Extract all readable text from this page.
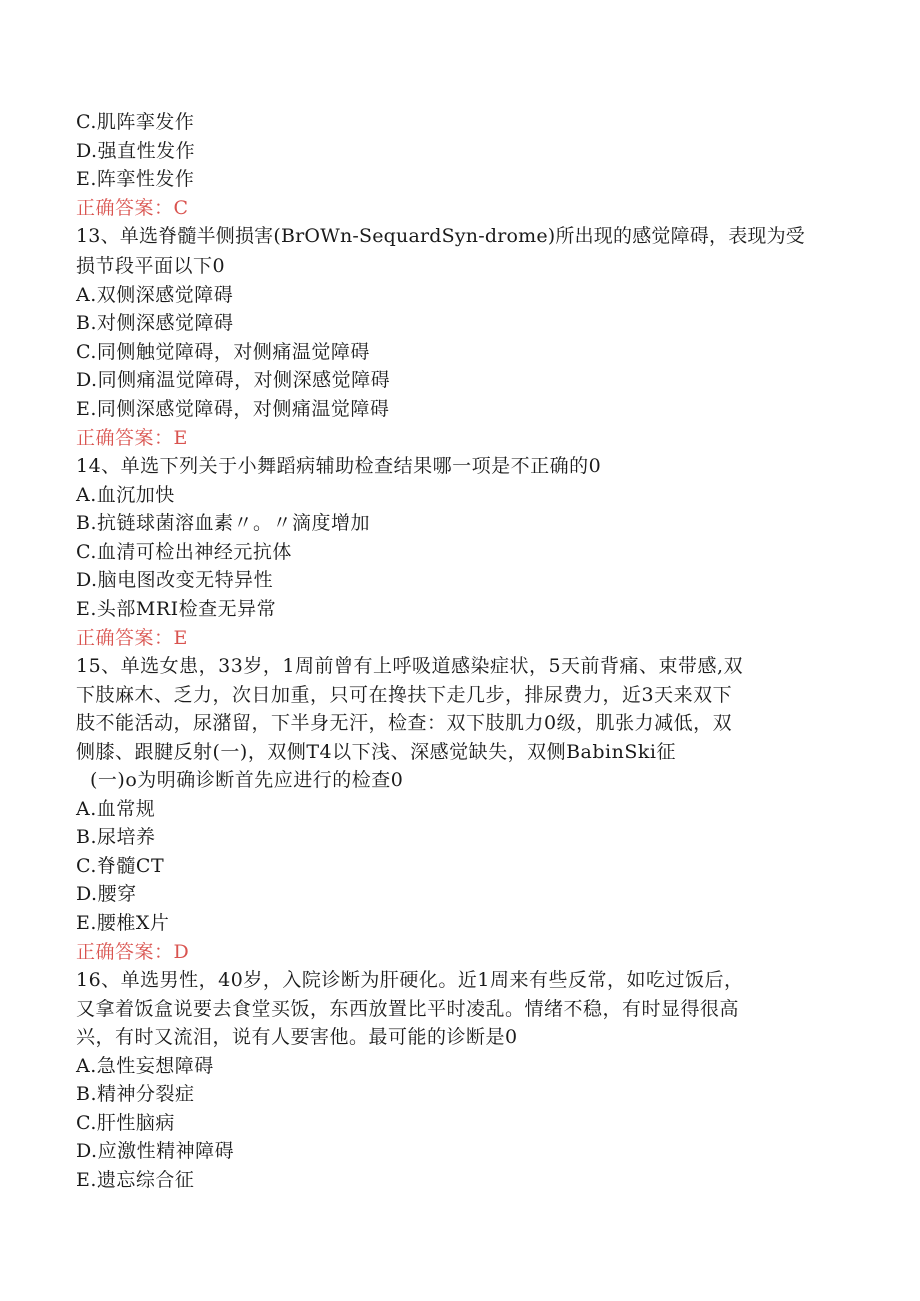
C.肌阵挛发作
D.强直性发作
E.阵挛性发作
正确答案：C
13、单选脊髓半侧损害(BrOWn-SequardSyn-drome)所出现的感觉障碍，表现为受
损节段平面以下0
A.双侧深感觉障碍
B.对侧深感觉障碍
C.同侧触觉障碍，对侧痛温觉障碍
D.同侧痛温觉障碍，对侧深感觉障碍
E.同侧深感觉障碍，对侧痛温觉障碍
正确答案：E
14、单选下列关于小舞蹈病辅助检查结果哪一项是不正确的0
A.血沉加快
B.抗链球菌溶血素〃。〃滴度增加
C.血清可检出神经元抗体
D.脑电图改变无特异性
E.头部MRI检查无异常
正确答案：E
15、单选女患，33岁，1周前曾有上呼吸道感染症状，5天前背痛、束带感,双
下肢麻木、乏力，次日加重，只可在搀扶下走几步，排尿费力，近3天来双下
肢不能活动，尿潴留，下半身无汗，检查：双下肢肌力0级，肌张力减低，双
侧膝、跟腱反射(一)，双侧T4以下浅、深感觉缺失，双侧BabinSki征
(一)o为明确诊断首先应进行的检查0
A.血常规
B.尿培养
C.脊髓CT
D.腰穿
E.腰椎X片
正确答案：D
16、单选男性，40岁，入院诊断为肝硬化。近1周来有些反常，如吃过饭后，
又拿着饭盒说要去食堂买饭，东西放置比平时凌乱。情绪不稳，有时显得很高
兴，有时又流泪，说有人要害他。最可能的诊断是0
A.急性妄想障碍
B.精神分裂症
C.肝性脑病
D.应激性精神障碍
E.遗忘综合征
